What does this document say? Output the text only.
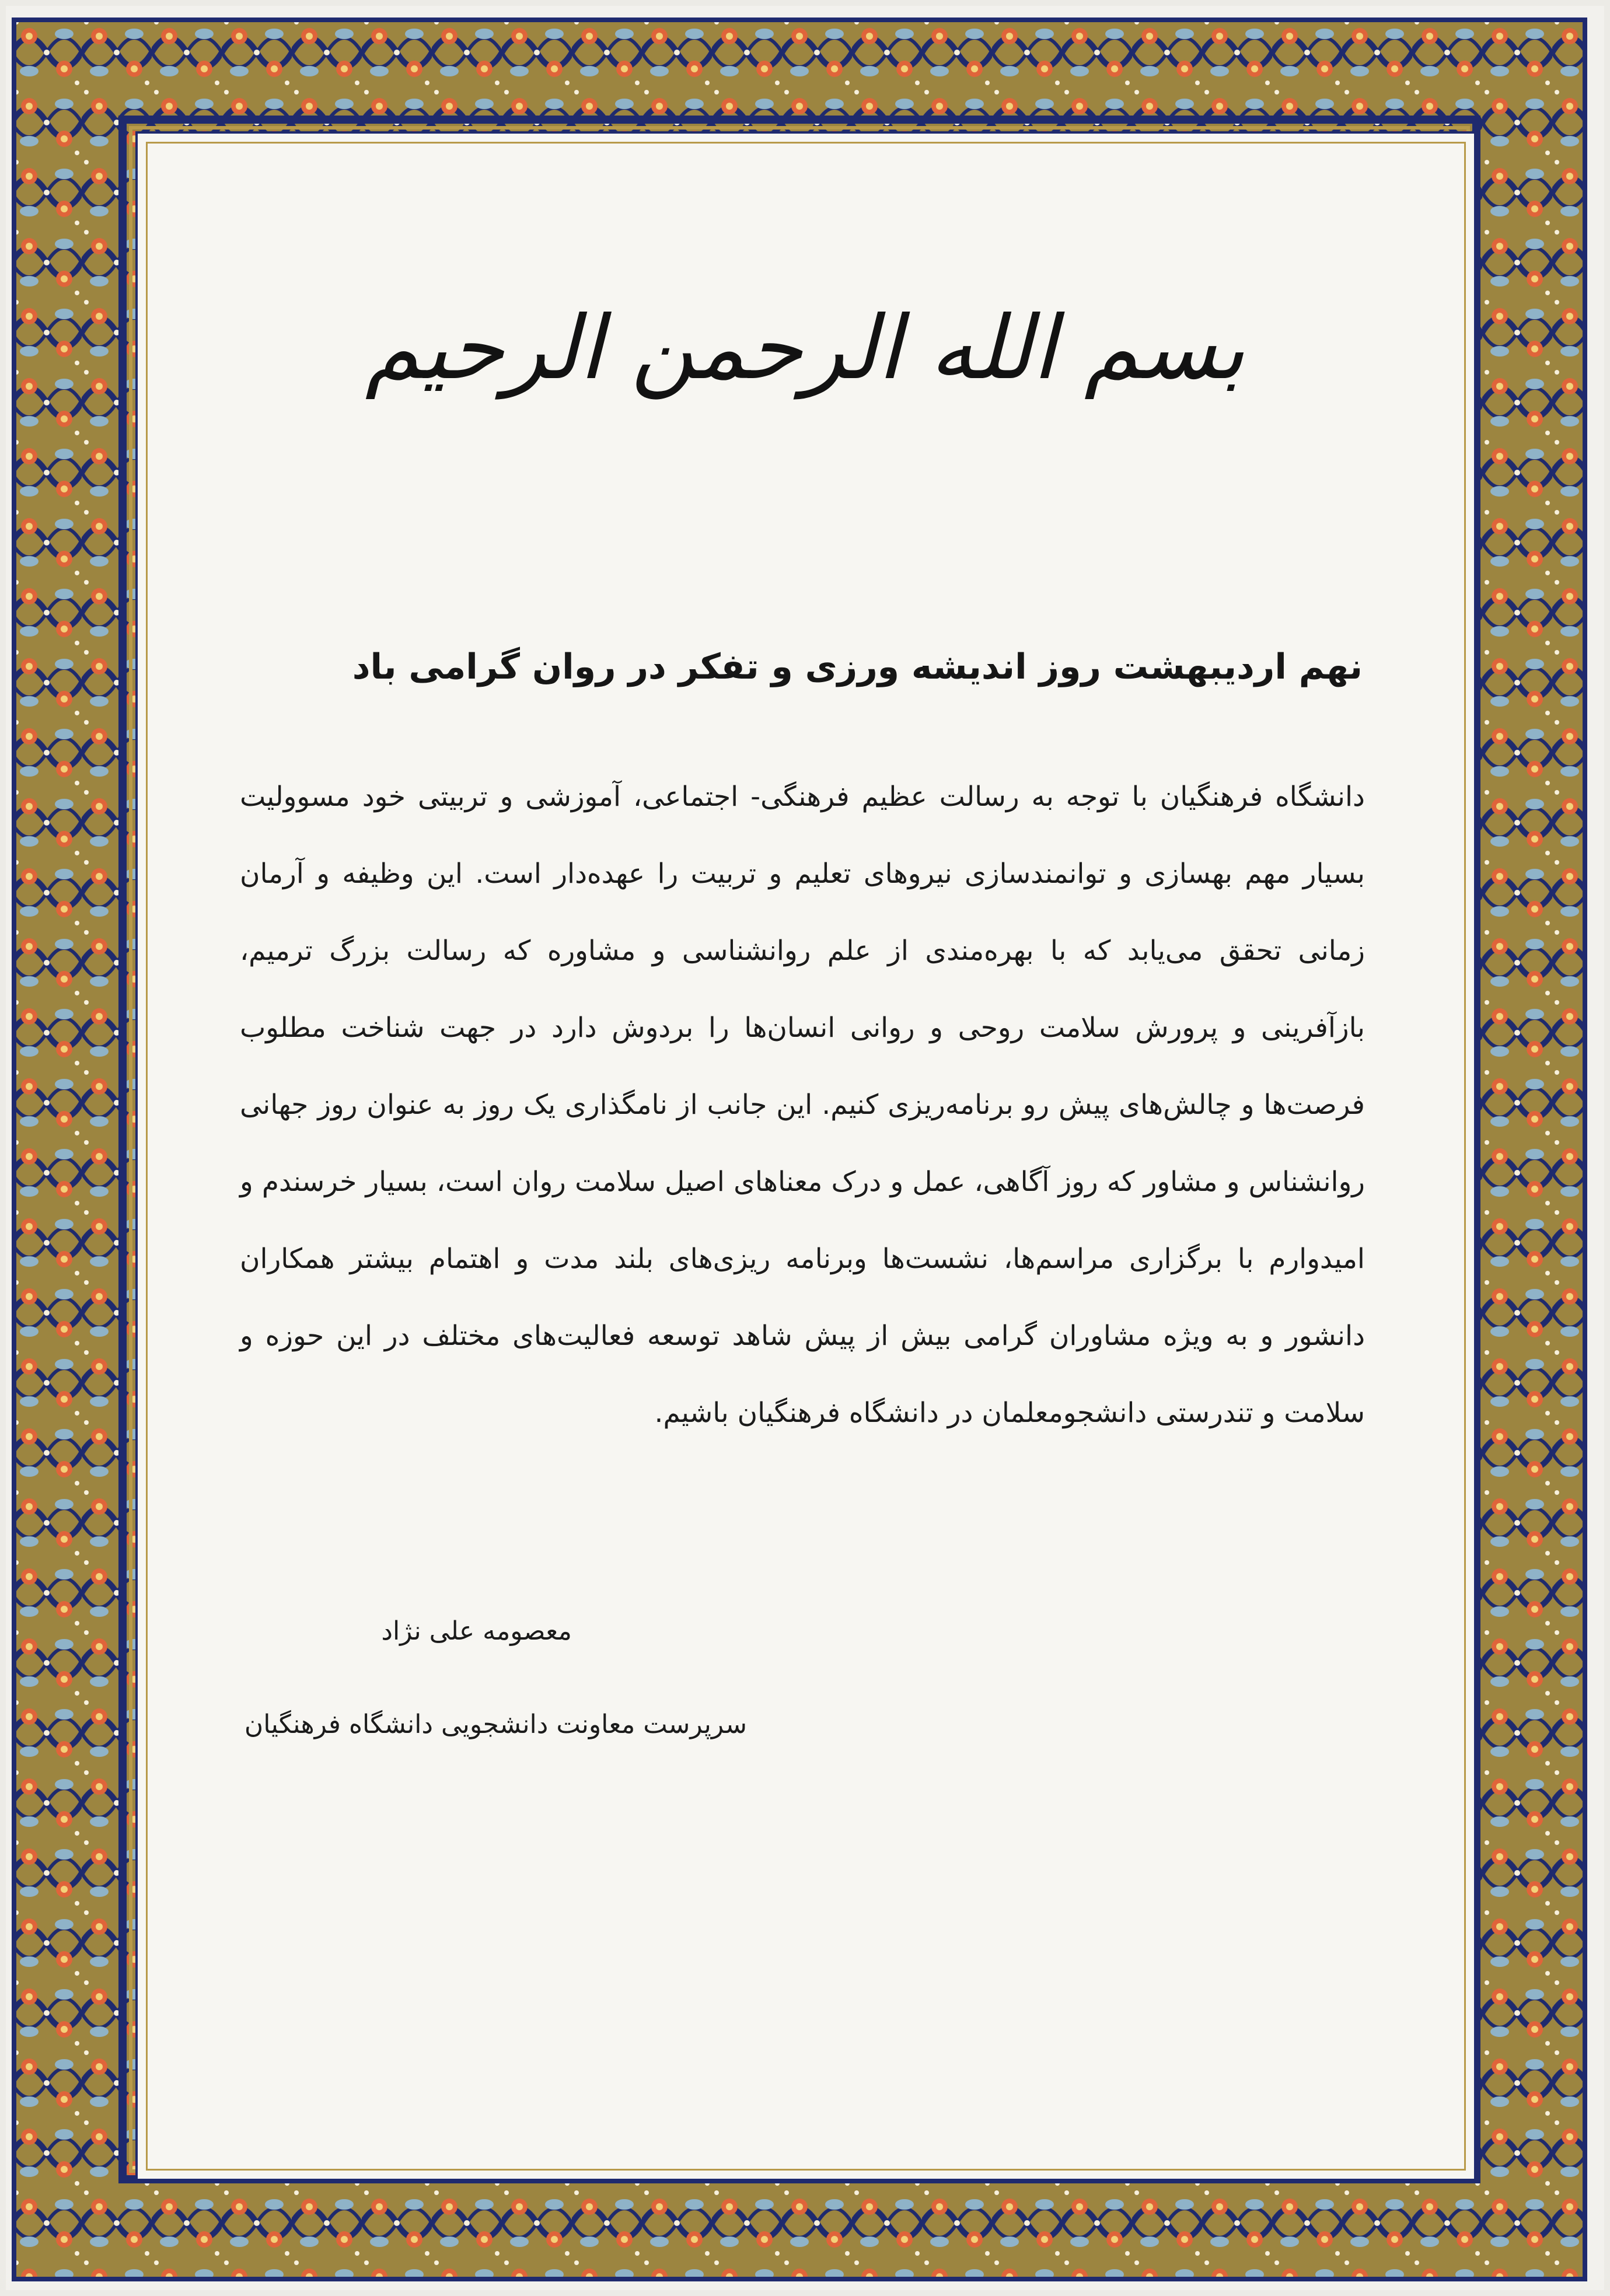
بسم الله الرحمن الرحیم
نهم اردیبهشت روز اندیشه ورزی و تفکر در روان گرامی باد
دانشگاه فرهنگیان با توجه به رسالت عظیم فرهنگی- اجتماعی، آموزشی و تربیتی خود مسوولیت بسیار مهم بهسازی و توانمندسازی نیروهای تعلیم و تربیت را عهده‌دار است. این وظیفه و آرمان زمانی تحقق می‌یابد که با بهره‌مندی از علم روانشناسی و مشاوره که رسالت بزرگ ترمیم، بازآفرینی و پرورش سلامت روحی و روانی انسان‌ها را بردوش دارد در جهت شناخت مطلوب فرصت‌ها و چالش‌های پیش رو برنامه‌ریزی کنیم. این جانب از نامگذاری یک روز به عنوان روز جهانی روانشناس و مشاور که روز آگاهی، عمل و درک معناهای اصیل سلامت روان است، بسیار خرسندم و امیدوارم با برگزاری مراسم‌ها، نشست‌ها وبرنامه ریزی‌های بلند مدت و اهتمام بیشتر همکاران دانشور و به ویژه مشاوران گرامی بیش از پیش شاهد توسعه فعالیت‌های مختلف در این حوزه و سلامت و تندرستی دانشجومعلمان در دانشگاه فرهنگیان باشیم.
معصومه علی نژاد
سرپرست معاونت دانشجویی دانشگاه فرهنگیان
